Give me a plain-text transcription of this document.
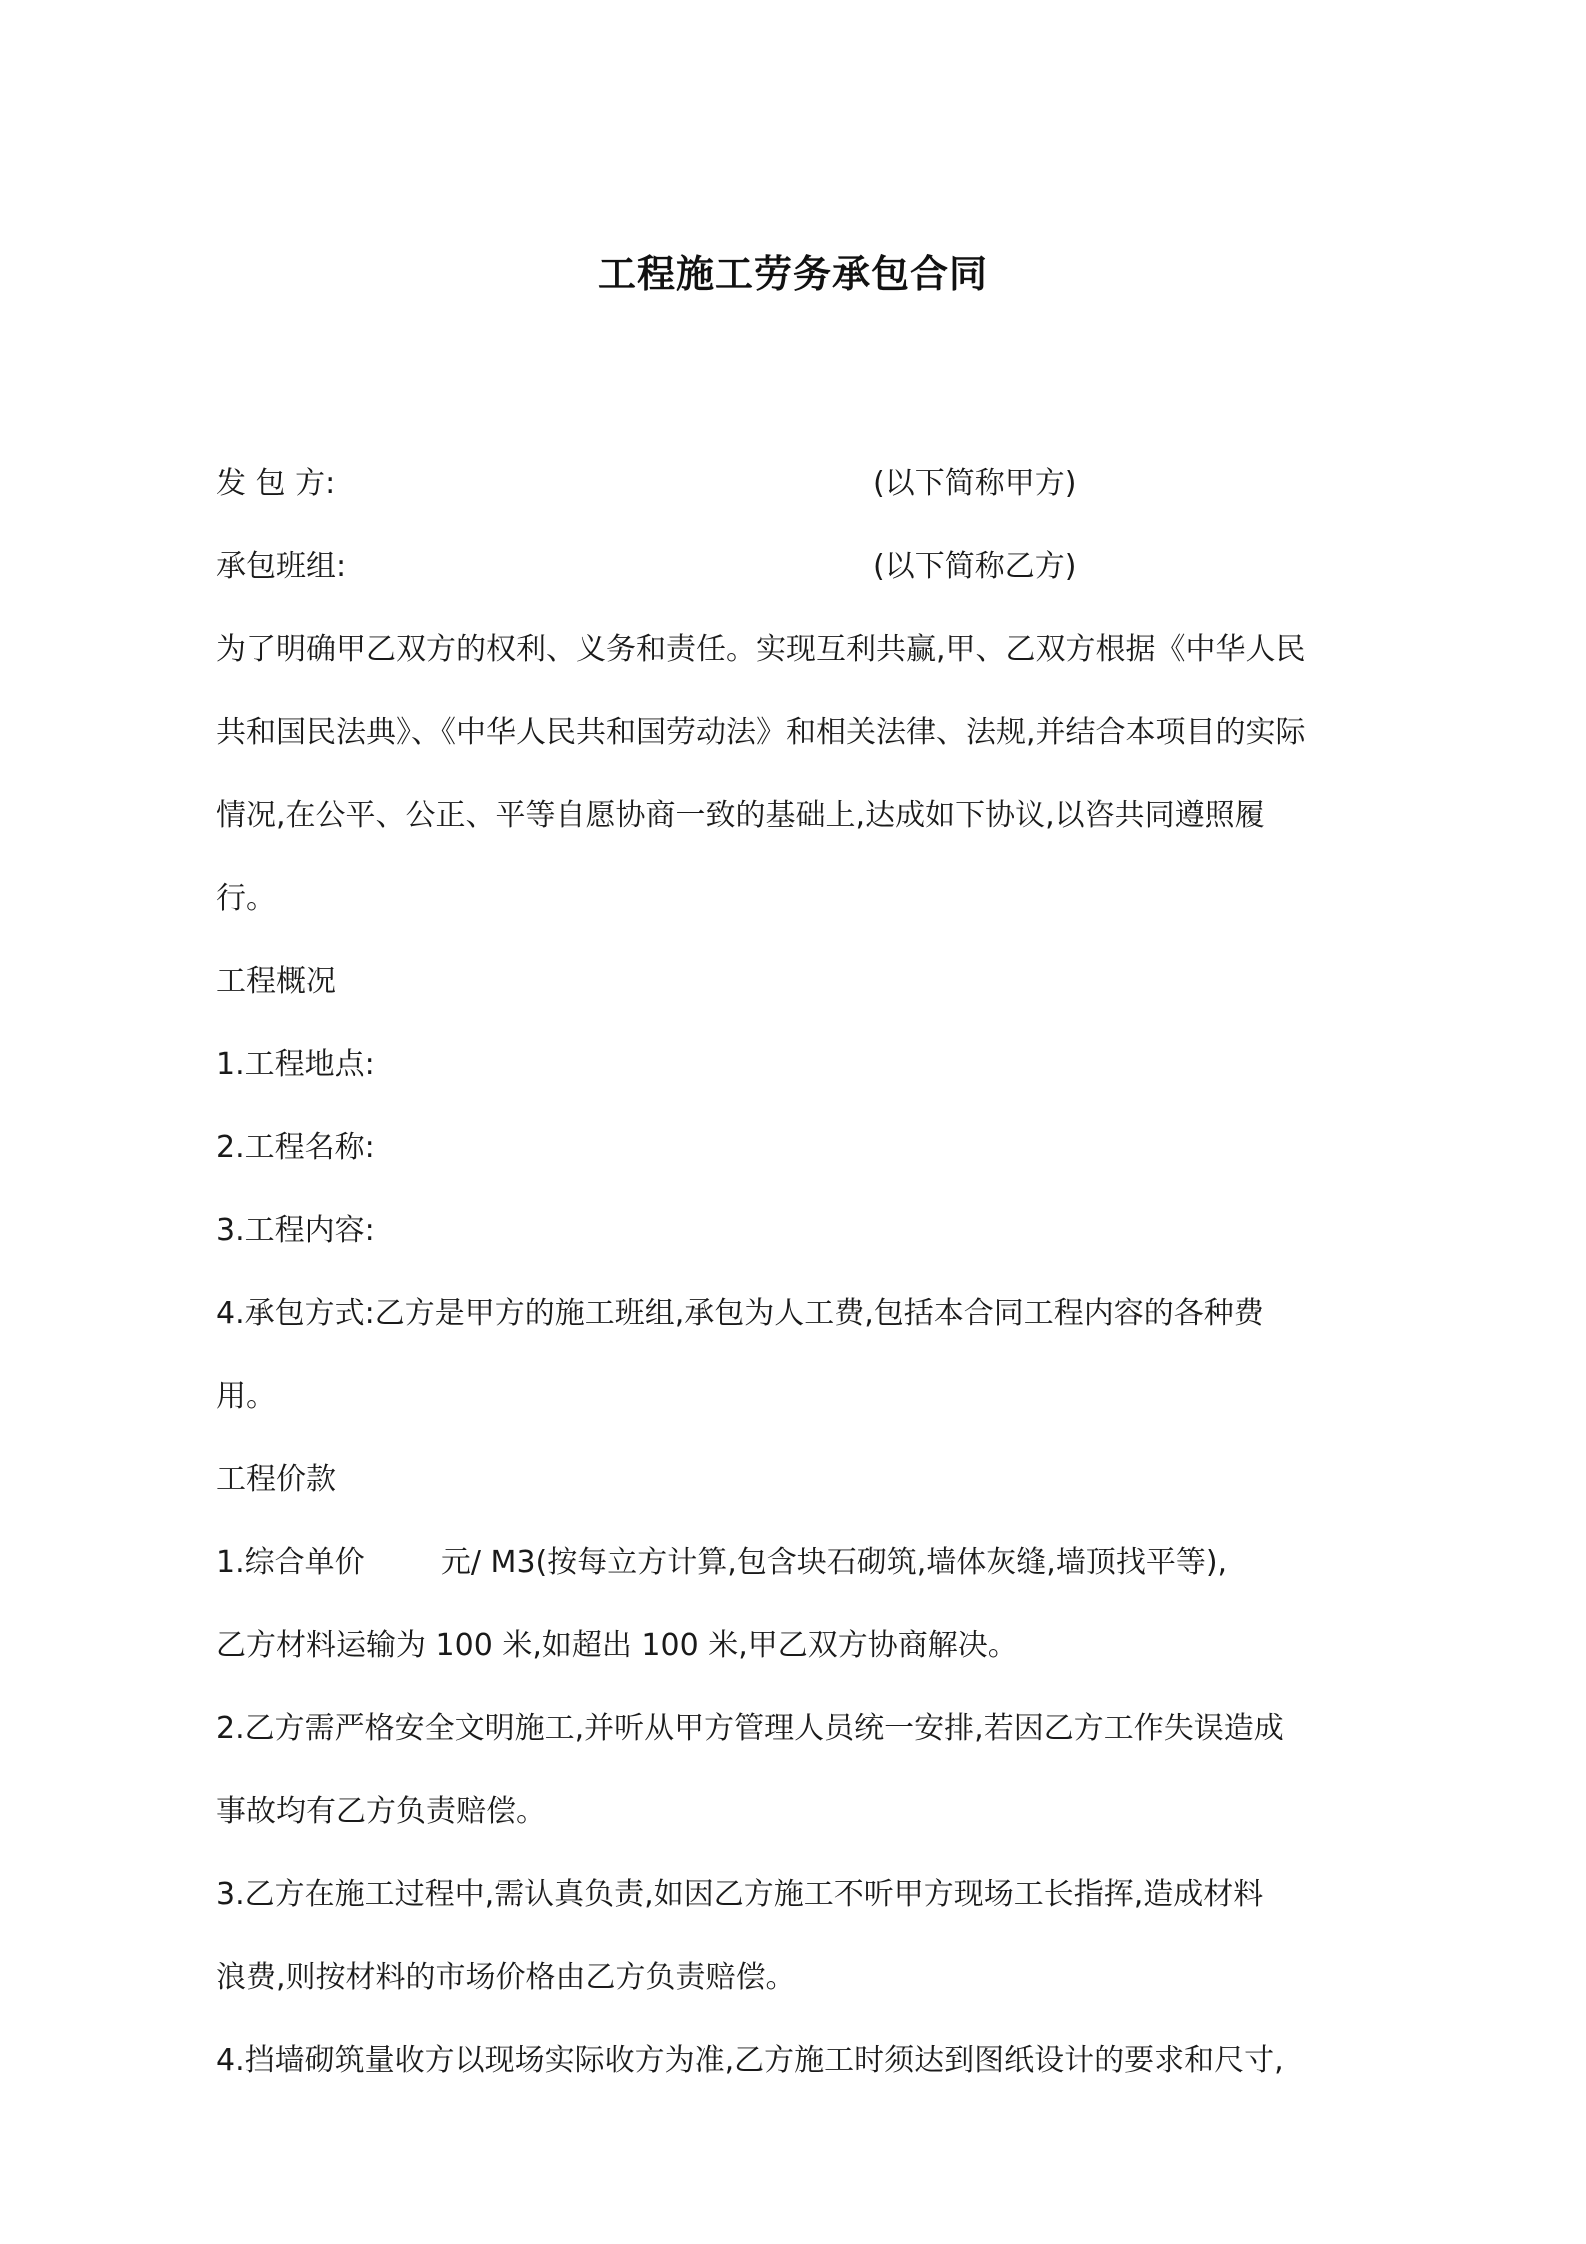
工程施工劳务承包合同
发 包 方:	(以下简称甲方)
承包班组:	(以下简称乙方)
为了明确甲乙双方的权利、义务和责任。实现互利共赢,甲、乙双方根据《中华人民
共和国民法典》、《中华人民共和国劳动法》和相关法律、法规,并结合本项目的实际
情况,在公平、公正、平等自愿协商一致的基础上,达成如下协议,以咨共同遵照履
行。
工程概况
1.工程地点:
2.工程名称:
3.工程内容:
4.承包方式:乙方是甲方的施工班组,承包为人工费,包括本合同工程内容的各种费
用。
工程价款
1.综合单价        元/ M3(按每立方计算,包含块石砌筑,墙体灰缝,墙顶找平等),
乙方材料运输为 100 米,如超出 100 米,甲乙双方协商解决。
2.乙方需严格安全文明施工,并听从甲方管理人员统一安排,若因乙方工作失误造成
事故均有乙方负责赔偿。
3.乙方在施工过程中,需认真负责,如因乙方施工不听甲方现场工长指挥,造成材料
浪费,则按材料的市场价格由乙方负责赔偿。
4.挡墙砌筑量收方以现场实际收方为准,乙方施工时须达到图纸设计的要求和尺寸,
